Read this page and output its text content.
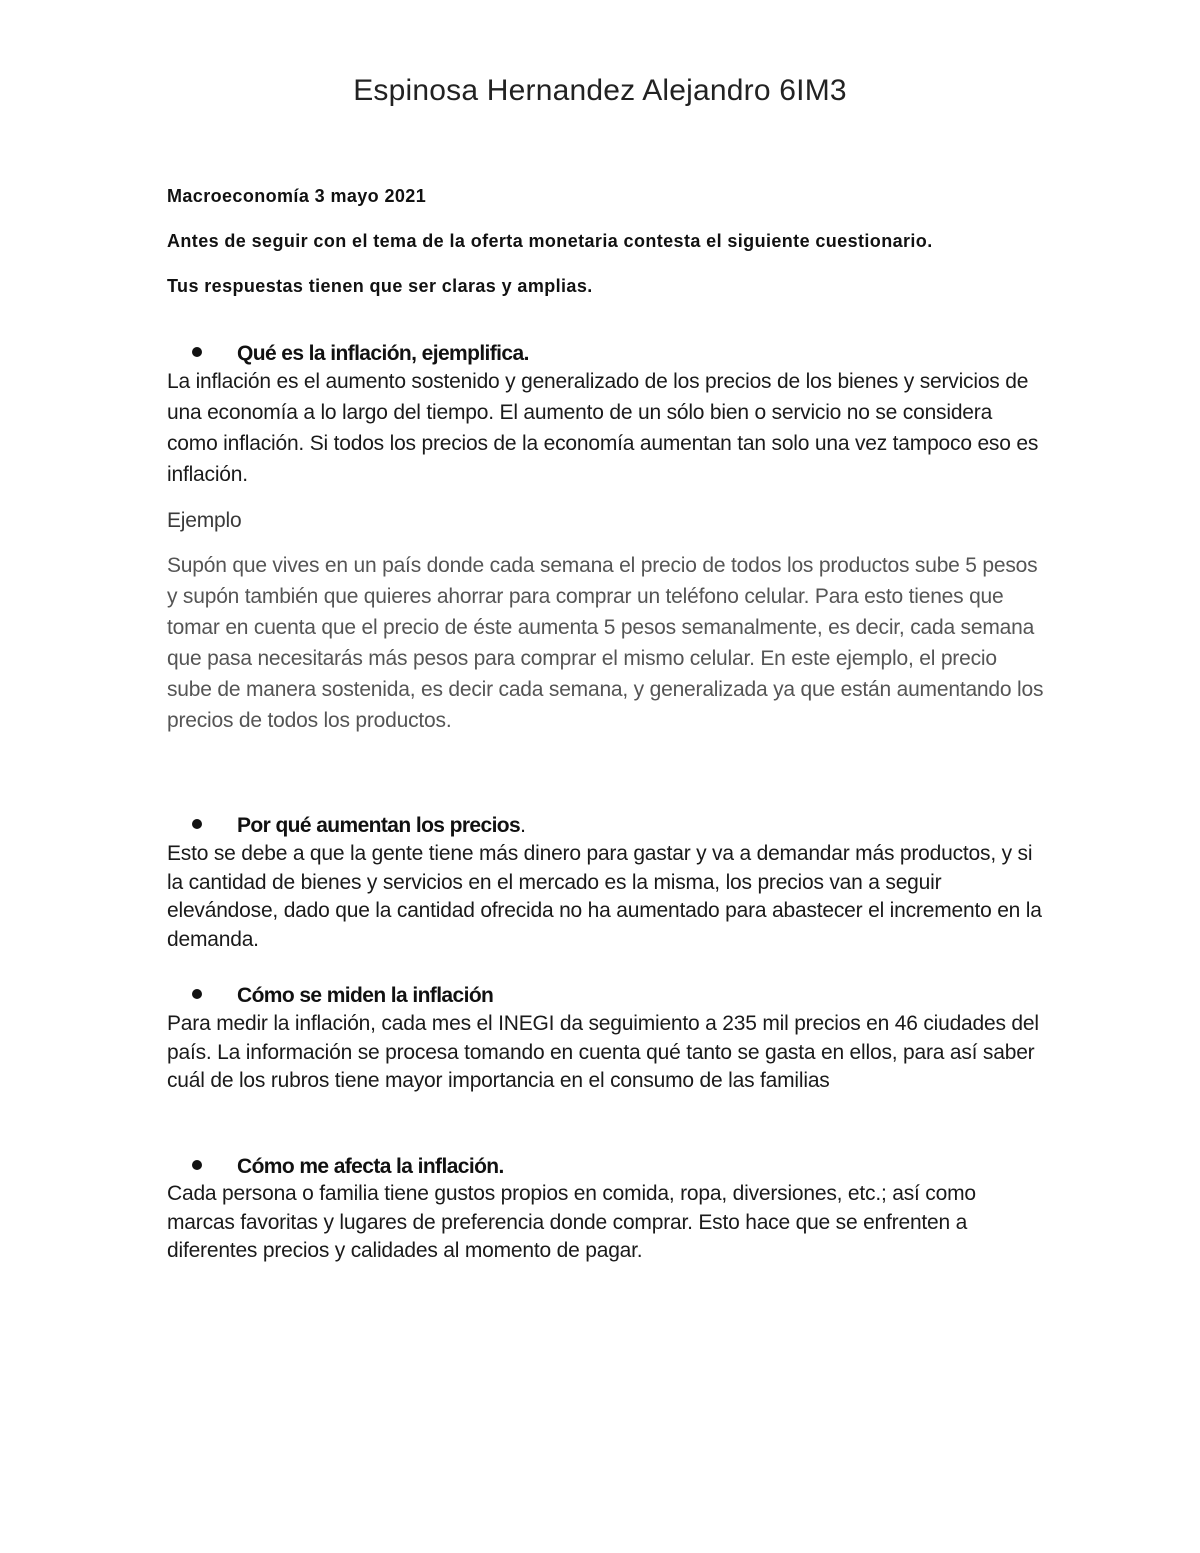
Espinosa Hernandez Alejandro 6IM3

Macroeconomía 3 mayo 2021

Antes de seguir con el tema de la oferta monetaria contesta el siguiente cuestionario.

Tus respuestas tienen que ser claras y amplias.

Qué es la inflación, ejemplifica.

La inflación es el aumento sostenido y generalizado de los precios de los bienes y servicios de una economía a lo largo del tiempo. El aumento de un sólo bien o servicio no se considera como inflación. Si todos los precios de la economía aumentan tan solo una vez tampoco eso es inflación.

Ejemplo

Supón que vives en un país donde cada semana el precio de todos los productos sube 5 pesos y supón también que quieres ahorrar para comprar un teléfono celular. Para esto tienes que tomar en cuenta que el precio de éste aumenta 5 pesos semanalmente, es decir, cada semana que pasa necesitarás más pesos para comprar el mismo celular. En este ejemplo, el precio sube de manera sostenida, es decir cada semana, y generalizada ya que están aumentando los precios de todos los productos.

Por qué aumentan los precios.

Esto se debe a que la gente tiene más dinero para gastar y va a demandar más productos, y si la cantidad de bienes y servicios en el mercado es la misma, los precios van a seguir elevándose, dado que la cantidad ofrecida no ha aumentado para abastecer el incremento en la demanda.

Cómo se miden la inflación

Para medir la inflación, cada mes el INEGI da seguimiento a 235 mil precios en 46 ciudades del país. La información se procesa tomando en cuenta qué tanto se gasta en ellos, para así saber cuál de los rubros tiene mayor importancia en el consumo de las familias

Cómo me afecta la inflación.

Cada persona o familia tiene gustos propios en comida, ropa, diversiones, etc.; así como marcas favoritas y lugares de preferencia donde comprar. Esto hace que se enfrenten a diferentes precios y calidades al momento de pagar.
